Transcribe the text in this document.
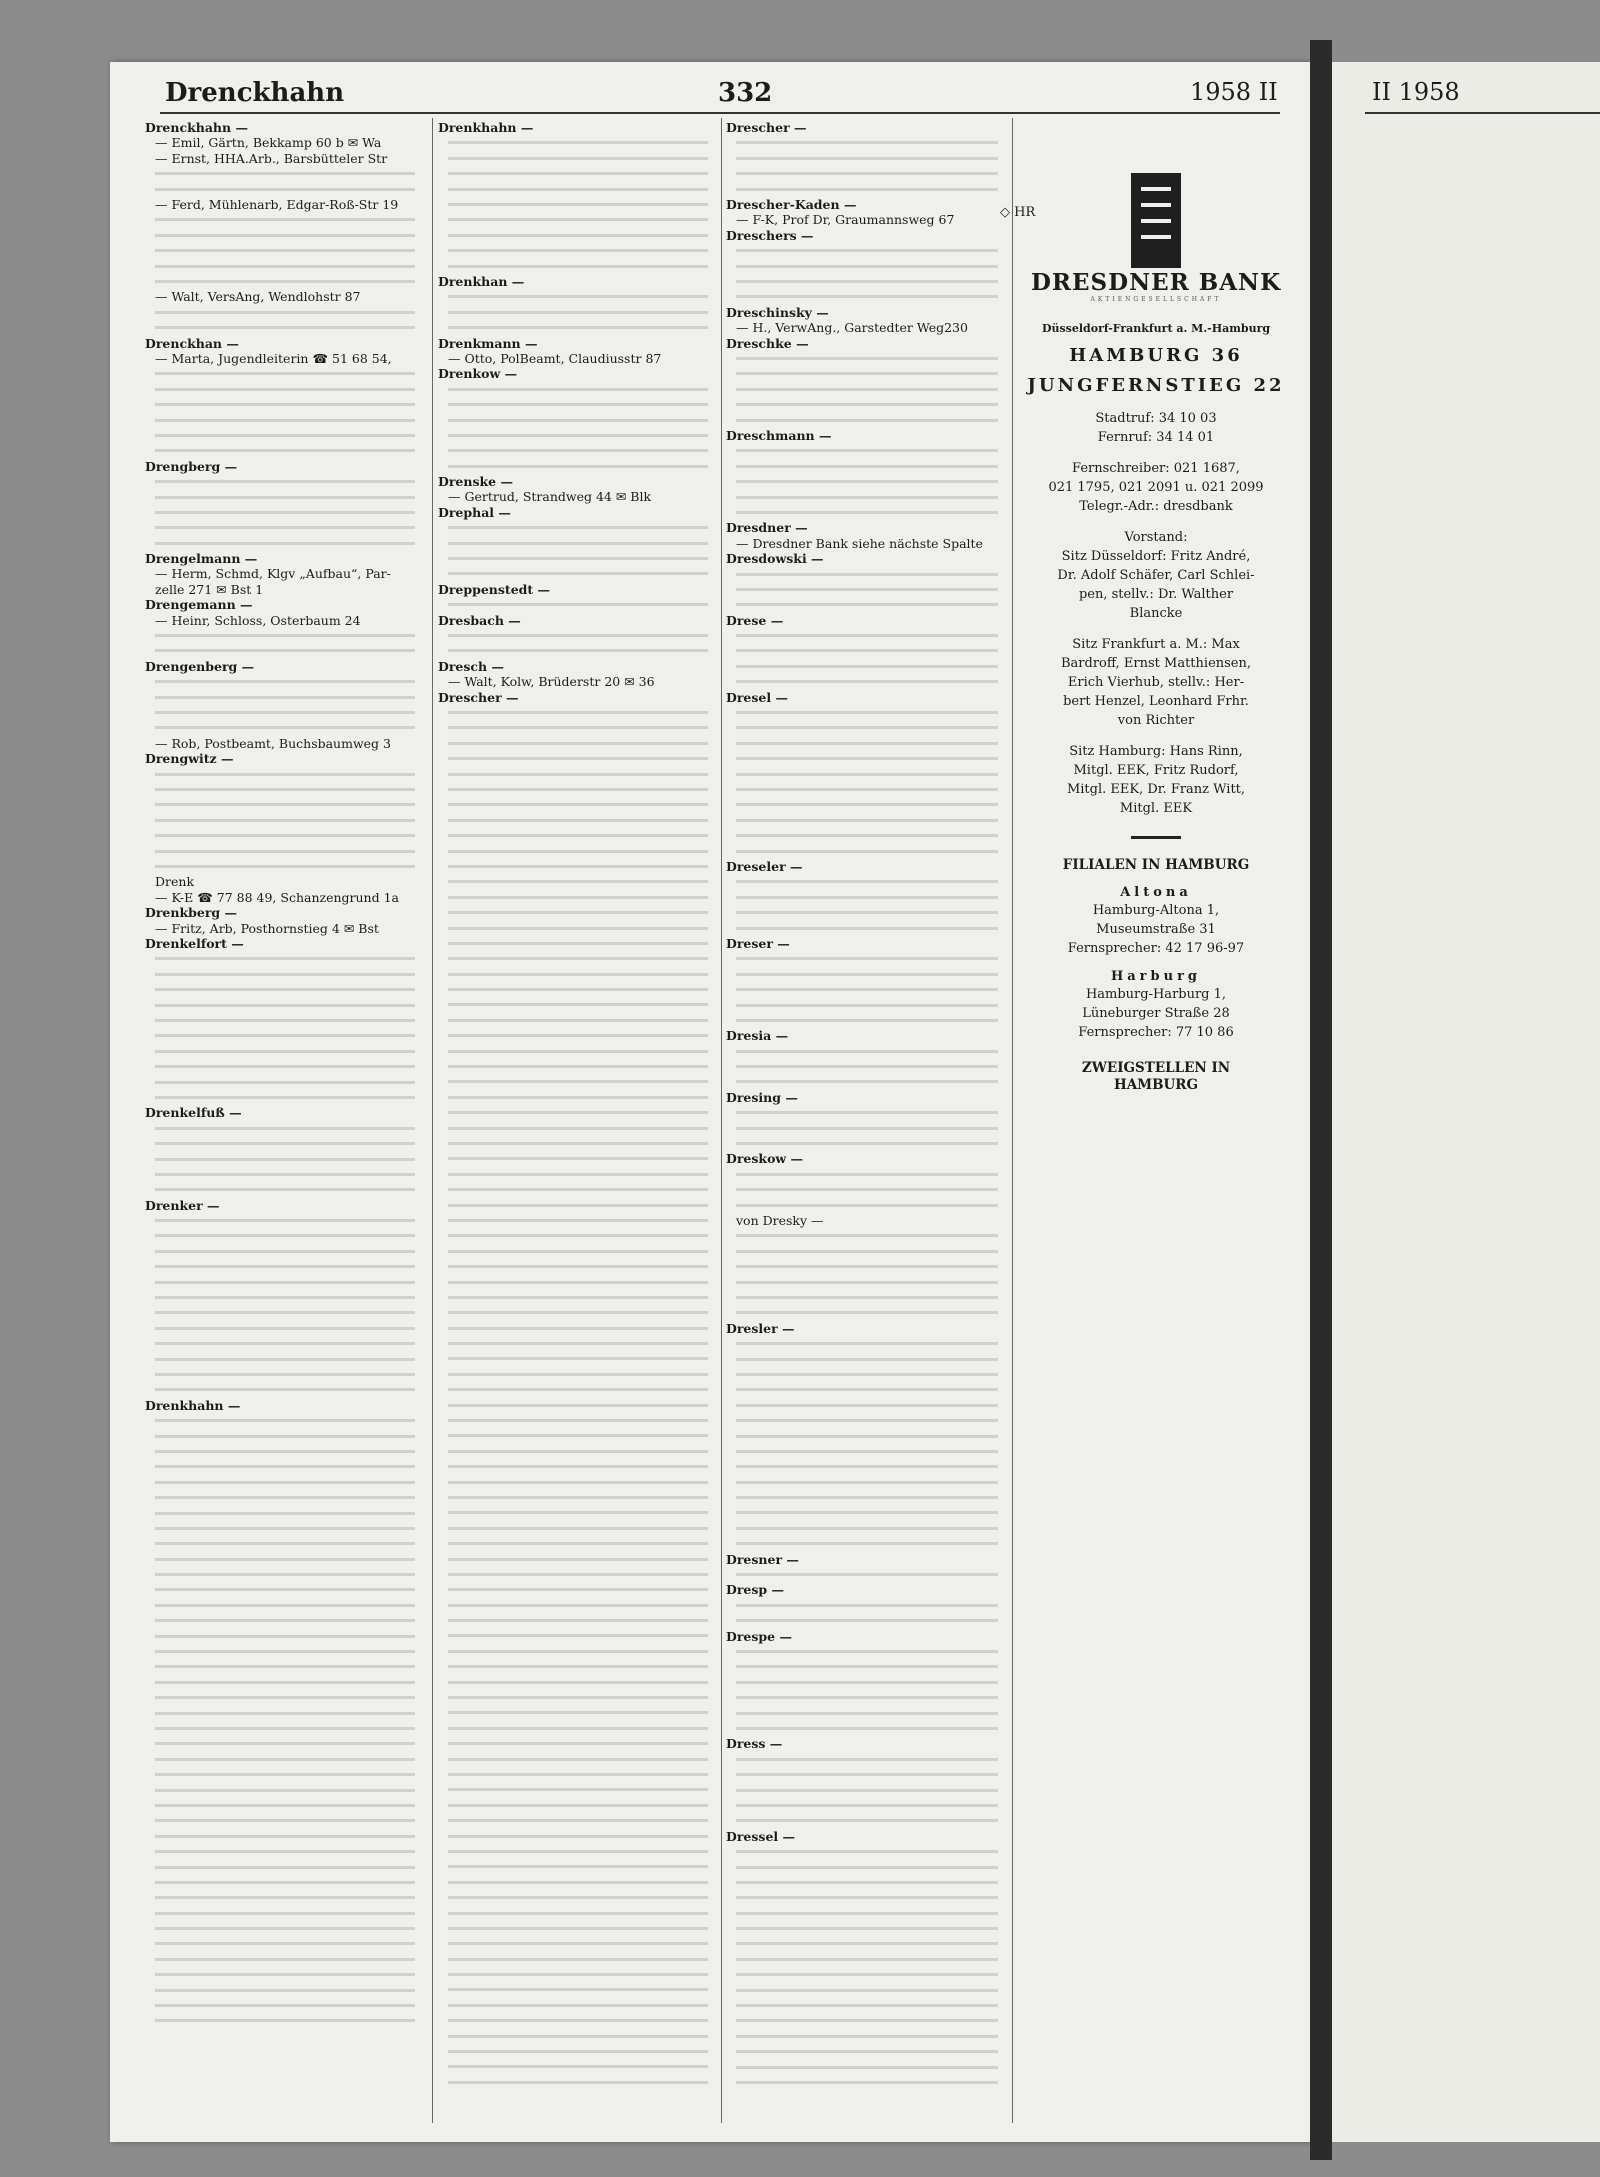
Drenckhahn	332	1958 II	II 1958
Drenckhahn —
— Emil, Gärtn, Bekkamp 60 b ✉ Wa
— Ernst, HHA.Arb., Barsbütteler Str
— Ferd, Mühlenarb, Edgar-Roß-Str 19
— Walt, VersAng, Wendlohstr 87
Drenckhan —
— Marta, Jugendleiterin ☎ 51 68 54,
Drengberg —
Drengelmann —
— Herm, Schmd, Klgv „Aufbau“, Par-
zelle 271 ✉ Bst 1
Drengemann —
— Heinr, Schloss, Osterbaum 24
Drengenberg —
— Rob, Postbeamt, Buchsbaumweg 3
Drengwitz —
Drenk
— K-E ☎ 77 88 49, Schanzengrund 1a
Drenkberg —
— Fritz, Arb, Posthornstieg 4 ✉ Bst
Drenkelfort —
Drenkelfuß —
Drenker —
Drenkhahn —
Drenkhahn —
Drenkhan —
Drenkmann —
— Otto, PolBeamt, Claudiusstr 87
Drenkow —
Drenske —
— Gertrud, Strandweg 44 ✉ Blk
Drephal —
Dreppenstedt —
Dresbach —
Dresch —
— Walt, Kolw, Brüderstr 20 ✉ 36
Drescher —
Drescher —
Drescher-Kaden —
— F-K, Prof Dr, Graumannsweg 67
Dreschers —
Dreschinsky —
— H., VerwAng., Garstedter Weg230
Dreschke —
Dreschmann —
Dresdner —
— Dresdner Bank siehe nächste Spalte
Dresdowski —
Drese —
Dresel —
Dreseler —
Dreser —
Dresia —
Dresing —
Dreskow —
von Dresky —
Dresler —
Dresner —
Dresp —
Drespe —
Dress —
Dressel —
◇ HR
DRESDNER BANK
AKTIENGESELLSCHAFT
Düsseldorf-Frankfurt a. M.-Hamburg
HAMBURG 36
JUNGFERNSTIEG 22
Stadtruf: 34 10 03
Fernruf: 34 14 01
Fernschreiber: 021 1687,
021 1795, 021 2091 u. 021 2099
Telegr.-Adr.: dresdbank
Vorstand:
Sitz Düsseldorf: Fritz André,
Dr. Adolf Schäfer, Carl Schlei-
pen, stellv.: Dr. Walther
Blancke
Sitz Frankfurt a. M.: Max
Bardroff, Ernst Matthiensen,
Erich Vierhub, stellv.: Her-
bert Henzel, Leonhard Frhr.
von Richter
Sitz Hamburg: Hans Rinn,
Mitgl. EEK, Fritz Rudorf,
Mitgl. EEK, Dr. Franz Witt,
Mitgl. EEK
FILIALEN IN HAMBURG
Altona
Hamburg-Altona 1,
Museumstraße 31
Fernsprecher: 42 17 96-97
Harburg
Hamburg-Harburg 1,
Lüneburger Straße 28
Fernsprecher: 77 10 86
ZWEIGSTELLEN IN
HAMBURG
